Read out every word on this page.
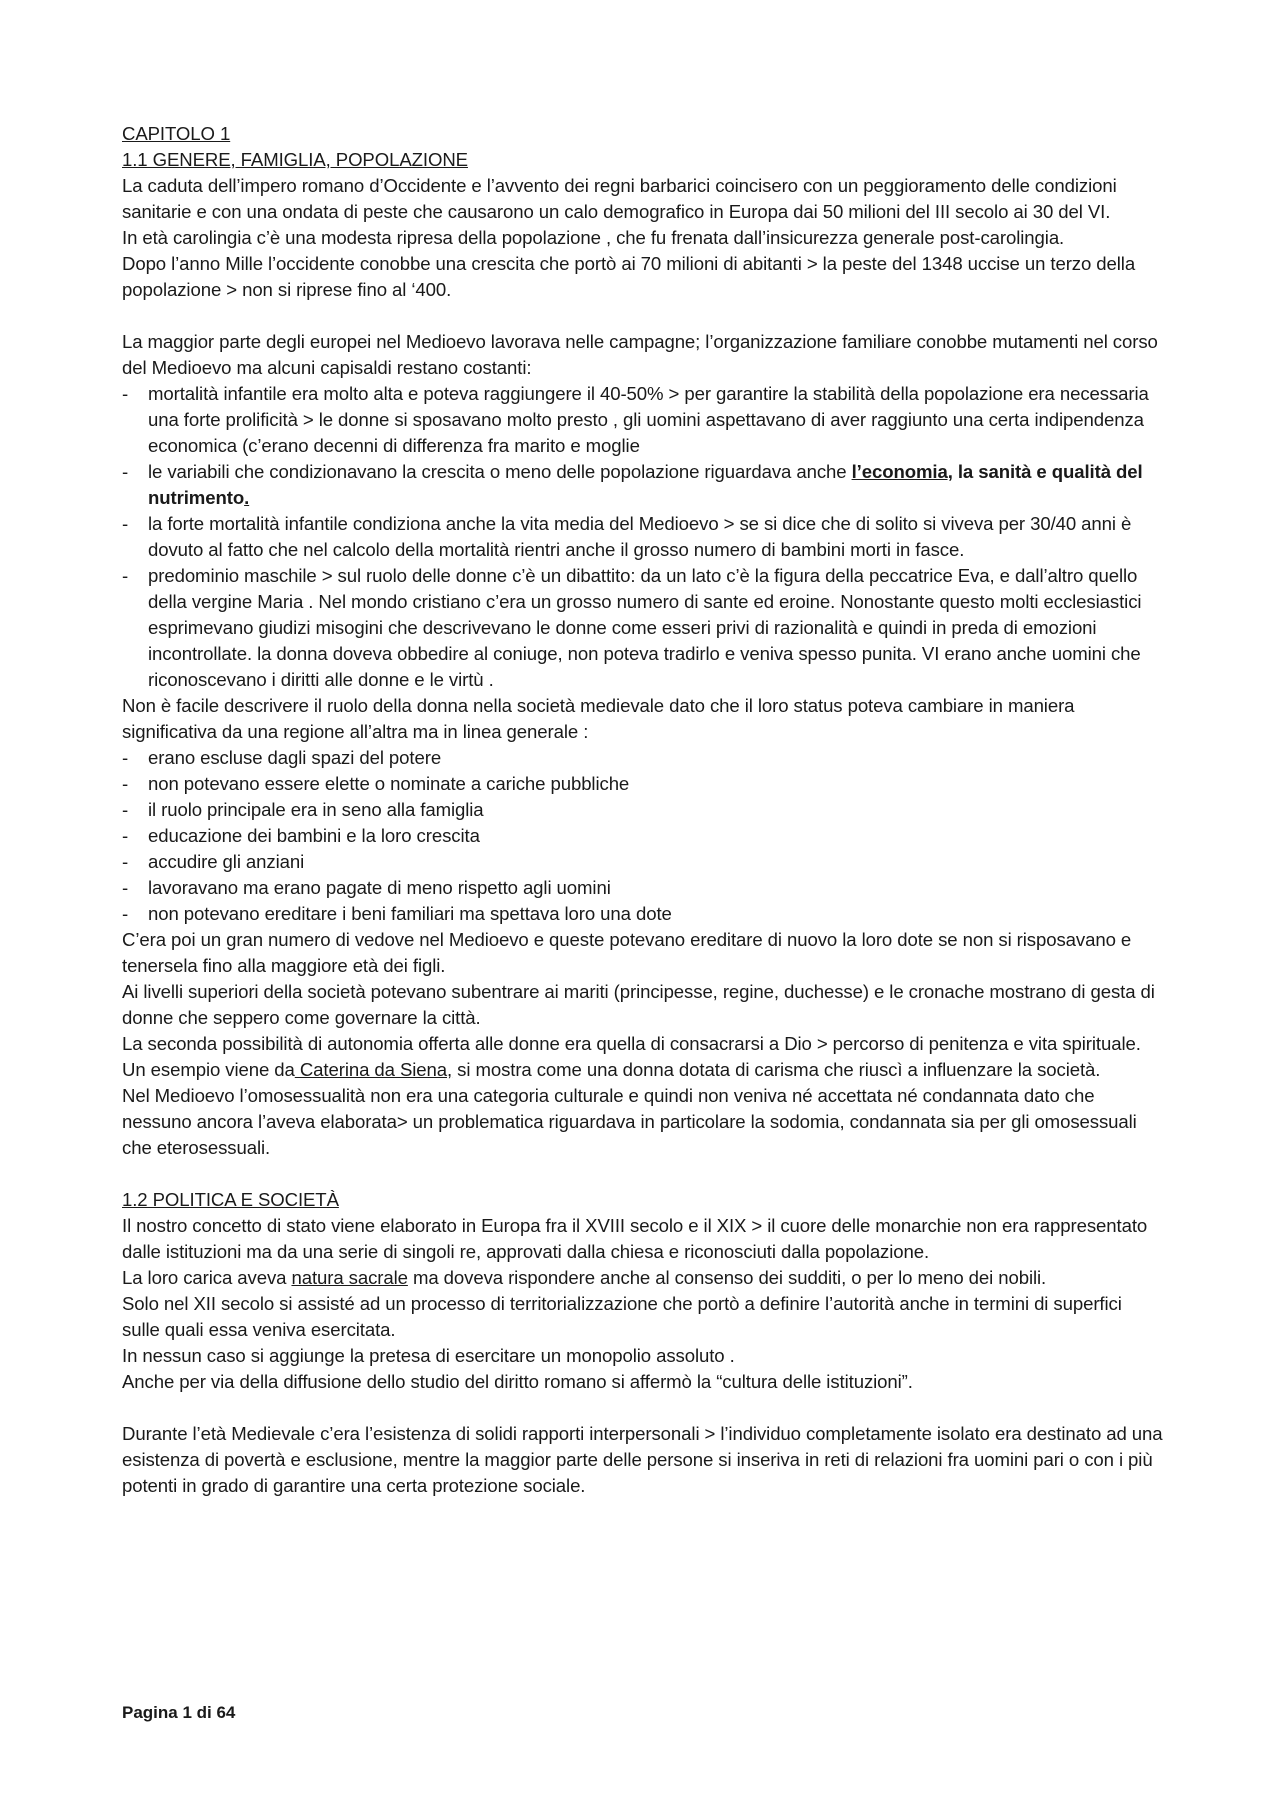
CAPITOLO 1

1.1 GENERE, FAMIGLIA, POPOLAZIONE

La caduta dell’impero romano d’Occidente e l’avvento dei regni barbarici coincisero con un peggioramento delle condizioni sanitarie e con una ondata di peste che causarono un calo demografico in Europa dai 50 milioni del III secolo ai 30 del VI.

In età carolingia c’è una modesta ripresa della popolazione , che fu frenata dall’insicurezza generale post-carolingia.

Dopo l’anno Mille l’occidente conobbe una crescita che portò ai 70 milioni di abitanti > la peste del 1348 uccise un terzo della popolazione > non si riprese fino al ‘400.

La maggior parte degli europei nel Medioevo lavorava nelle campagne; l’organizzazione familiare conobbe mutamenti nel corso del Medioevo ma alcuni capisaldi restano costanti:

- mortalità infantile era molto alta e poteva raggiungere il 40-50% > per garantire la stabilità della popolazione era necessaria una forte prolificità > le donne si sposavano molto presto , gli uomini aspettavano di aver raggiunto una certa indipendenza economica (c’erano decenni di differenza fra marito e moglie
- le variabili che condizionavano la crescita o meno delle popolazione riguardava anche l’economia, la sanità e qualità del nutrimento.
- la forte mortalità infantile condiziona anche la vita media del Medioevo > se si dice che di solito si viveva per 30/40 anni è dovuto al fatto che nel calcolo della mortalità rientri anche il grosso numero di bambini morti in fasce.
- predominio maschile > sul ruolo delle donne c’è un dibattito: da un lato c’è la figura della peccatrice Eva, e dall’altro quello della vergine Maria . Nel mondo cristiano c’era un grosso numero di sante ed eroine. Nonostante questo molti ecclesiastici esprimevano giudizi misogini che descrivevano le donne come esseri privi di razionalità e quindi in preda di emozioni incontrollate. la donna doveva obbedire al coniuge, non poteva tradirlo e veniva spesso punita. VI erano anche uomini che riconoscevano i diritti alle donne e le virtù .

Non è facile descrivere il ruolo della donna nella società medievale dato che il loro status poteva cambiare in maniera significativa da una regione all’altra ma in linea generale :

- erano escluse dagli spazi del potere
- non potevano essere elette o nominate a cariche pubbliche
- il ruolo principale era in seno alla famiglia
- educazione dei bambini e la loro crescita
- accudire gli anziani
- lavoravano ma erano pagate di meno rispetto agli uomini
- non potevano ereditare i beni familiari ma spettava loro una dote

C’era poi un gran numero di vedove nel Medioevo e queste potevano ereditare di nuovo la loro dote se non si risposavano e tenersela fino alla maggiore età dei figli.

Ai livelli superiori della società potevano subentrare ai mariti (principesse, regine, duchesse) e le cronache mostrano di gesta di donne che seppero come governare la città.

La seconda possibilità di autonomia offerta alle donne era quella di consacrarsi a Dio > percorso di penitenza e vita spirituale.

Un esempio viene da Caterina da Siena, si mostra come una donna dotata di carisma che riuscì a influenzare la società.

Nel Medioevo l’omosessualità non era una categoria culturale e quindi non veniva né accettata né condannata dato che nessuno ancora l’aveva elaborata> un problematica riguardava in particolare la sodomia, condannata sia per gli omosessuali che eterosessuali.

1.2 POLITICA E SOCIETÀ

Il nostro concetto di stato viene elaborato in Europa fra il XVIII secolo e il XIX > il cuore delle monarchie non era rappresentato dalle istituzioni ma da una serie di singoli re, approvati dalla chiesa e riconosciuti dalla popolazione.

La loro carica aveva natura sacrale ma doveva rispondere anche al consenso dei sudditi, o per lo meno dei nobili.

Solo nel XII secolo si assisté ad un processo di territorializzazione che portò a definire l’autorità anche in termini di superfici sulle quali essa veniva esercitata.

In nessun caso si aggiunge la pretesa di esercitare un monopolio assoluto .

Anche per via della diffusione dello studio del diritto romano si affermò la “cultura delle istituzioni”.

Durante l’età Medievale c’era l’esistenza di solidi rapporti interpersonali > l’individuo completamente isolato era destinato ad una esistenza di povertà e esclusione, mentre la maggior parte delle persone si inseriva in reti di relazioni fra uomini pari o con i più potenti in grado di garantire una certa protezione sociale.

Pagina 1 di 64
